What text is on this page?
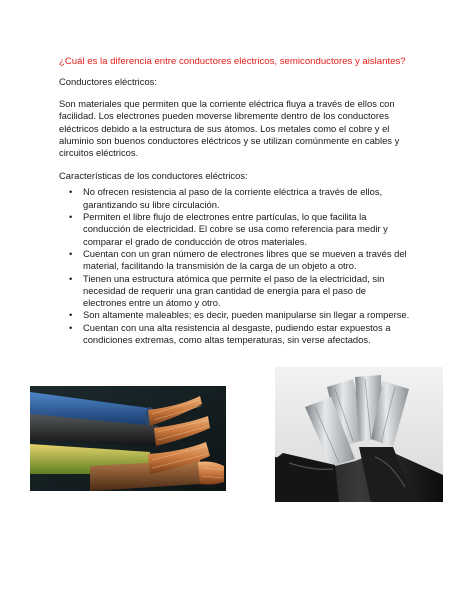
¿Cuál es la diferencia entre conductores eléctricos, semiconductores y aislantes?

Conductores eléctricos:

Son materiales que permiten que la corriente eléctrica fluya a través de ellos con facilidad. Los electrones pueden moverse libremente dentro de los conductores eléctricos debido a la estructura de sus átomos. Los metales como el cobre y el aluminio son buenos conductores eléctricos y se utilizan comúnmente en cables y circuitos eléctricos.

Características de los conductores eléctricos:

• No ofrecen resistencia al paso de la corriente eléctrica a través de ellos, garantizando su libre circulación.
• Permiten el libre flujo de electrones entre partículas, lo que facilita la conducción de electricidad. El cobre se usa como referencia para medir y comparar el grado de conducción de otros materiales.
• Cuentan con un gran número de electrones libres que se mueven a través del material, facilitando la transmisión de la carga de un objeto a otro.
• Tienen una estructura atómica que permite el paso de la electricidad, sin necesidad de requerir una gran cantidad de energía para el paso de electrones entre un átomo y otro.
• Son altamente maleables; es decir, pueden manipularse sin llegar a romperse.
• Cuentan con una alta resistencia al desgaste, pudiendo estar expuestos a condiciones extremas, como altas temperaturas, sin verse afectados.
